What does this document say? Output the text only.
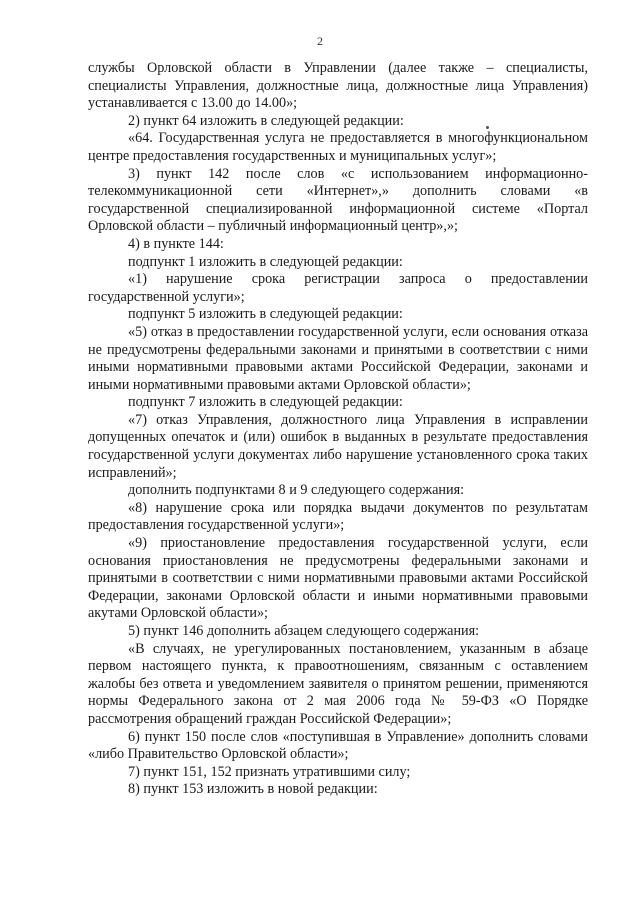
2

службы Орловской области в Управлении (далее также – специалисты, специалисты Управления, должностные лица, должностные лица Управления) устанавливается с 13.00 до 14.00»;

2) пункт 64 изложить в следующей редакции:

«64. Государственная услуга не предоставляется в многофункциональном центре предоставления государственных и муниципальных услуг»;

3) пункт 142 после слов «с использованием информационно-телекоммуникационной сети «Интернет»,» дополнить словами «в государственной специализированной информационной системе «Портал Орловской области – публичный информационный центр»,»;

4) в пункте 144:

подпункт 1 изложить в следующей редакции:

«1) нарушение срока регистрации запроса о предоставлении государственной услуги»;

подпункт 5 изложить в следующей редакции:

«5) отказ в предоставлении государственной услуги, если основания отказа не предусмотрены федеральными законами и принятыми в соответствии с ними иными нормативными правовыми актами Российской Федерации, законами и иными нормативными правовыми актами Орловской области»;

подпункт 7 изложить в следующей редакции:

«7) отказ Управления, должностного лица Управления в исправлении допущенных опечаток и (или) ошибок в выданных в результате предоставления государственной услуги документах либо нарушение установленного срока таких исправлений»;

дополнить подпунктами 8 и 9 следующего содержания:

«8) нарушение срока или порядка выдачи документов по результатам предоставления государственной услуги»;

«9) приостановление предоставления государственной услуги, если основания приостановления не предусмотрены федеральными законами и принятыми в соответствии с ними нормативными правовыми актами Российской Федерации, законами Орловской области и иными нормативными правовыми акутами Орловской области»;

5) пункт 146 дополнить абзацем следующего содержания:

«В случаях, не урегулированных постановлением, указанным в абзаце первом настоящего пункта, к правоотношениям, связанным с оставлением жалобы без ответа и уведомлением заявителя о принятом решении, применяются нормы Федерального закона от 2 мая 2006 года № 59-ФЗ «О Порядке рассмотрения обращений граждан Российской Федерации»;

6) пункт 150 после слов «поступившая в Управление» дополнить словами «либо Правительство Орловской области»;

7) пункт 151, 152 признать утратившими силу;

8) пункт 153 изложить в новой редакции:
